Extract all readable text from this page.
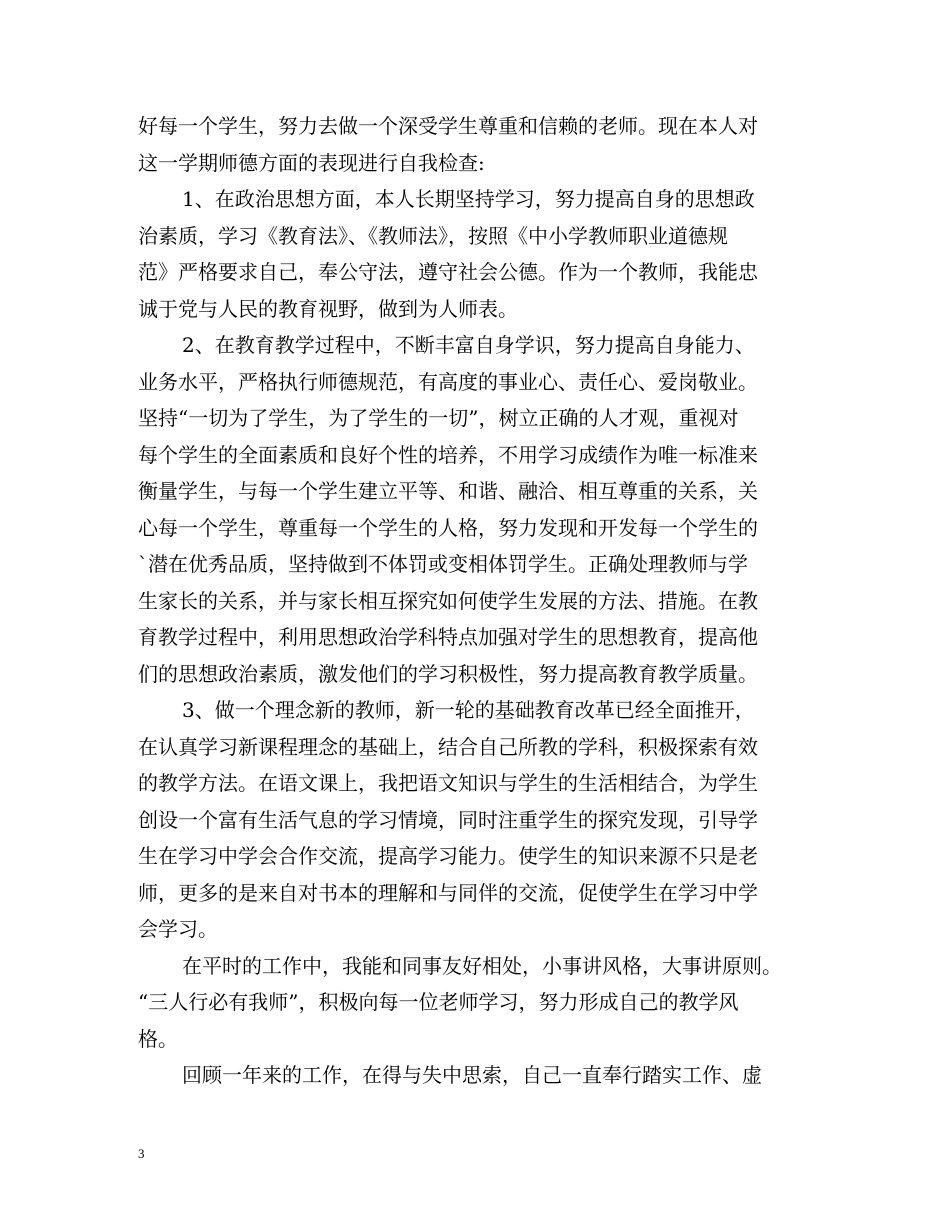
好每一个学生，努力去做一个深受学生尊重和信赖的老师。现在本人对
这一学期师德方面的表现进行自我检查:
1、在政治思想方面，本人长期坚持学习，努力提高自身的思想政
治素质，学习《教育法》、《教师法》，按照《中小学教师职业道德规
范》严格要求自己，奉公守法，遵守社会公德。作为一个教师，我能忠
诚于党与人民的教育视野，做到为人师表。
2、在教育教学过程中，不断丰富自身学识，努力提高自身能力、
业务水平，严格执行师德规范，有高度的事业心、责任心、爱岗敬业。
坚持“一切为了学生，为了学生的一切”，树立正确的人才观，重视对
每个学生的全面素质和良好个性的培养，不用学习成绩作为唯一标准来
衡量学生，与每一个学生建立平等、和谐、融洽、相互尊重的关系，关
心每一个学生，尊重每一个学生的人格，努力发现和开发每一个学生的
`潜在优秀品质，坚持做到不体罚或变相体罚学生。正确处理教师与学
生家长的关系，并与家长相互探究如何使学生发展的方法、措施。在教
育教学过程中，利用思想政治学科特点加强对学生的思想教育，提高他
们的思想政治素质，激发他们的学习积极性，努力提高教育教学质量。
3、做一个理念新的教师，新一轮的基础教育改革已经全面推开，
在认真学习新课程理念的基础上，结合自己所教的学科，积极探索有效
的教学方法。在语文课上，我把语文知识与学生的生活相结合，为学生
创设一个富有生活气息的学习情境，同时注重学生的探究发现，引导学
生在学习中学会合作交流，提高学习能力。使学生的知识来源不只是老
师，更多的是来自对书本的理解和与同伴的交流，促使学生在学习中学
会学习。
在平时的工作中，我能和同事友好相处，小事讲风格，大事讲原则。
“三人行必有我师”，积极向每一位老师学习，努力形成自己的教学风
格。
回顾一年来的工作，在得与失中思索，自己一直奉行踏实工作、虚
3
